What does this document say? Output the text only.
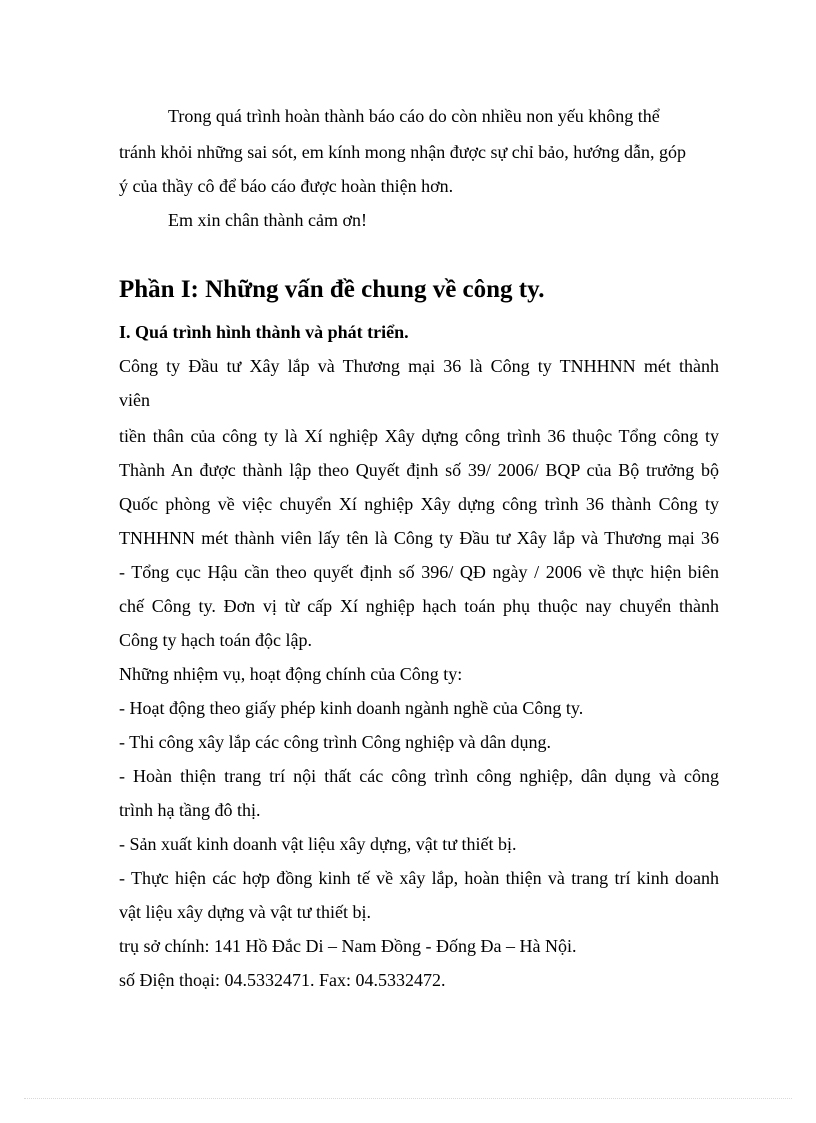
Trong quá trình hoàn thành báo cáo do còn nhiều non yếu không thể

tránh khỏi những sai sót, em kính mong nhận được sự chỉ bảo, hướng dẫn, góp

ý của thầy cô để báo cáo được hoàn thiện hơn.

Em xin chân thành cảm ơn!

Phần I: Những vấn đề chung về công ty.
I. Quá trình hình thành và phát triển.

Công ty Đầu tư Xây lắp và Thương mại 36 là Công ty TNHHNN mét thành

viên

tiền thân của công ty là Xí nghiệp Xây dựng công trình 36 thuộc Tổng công ty

Thành An được thành lập theo Quyết định số 39/ 2006/ BQP của Bộ trưởng bộ

Quốc phòng về việc chuyển Xí nghiệp Xây dựng công trình 36 thành Công ty

TNHHNN mét thành viên lấy tên là Công ty Đầu tư Xây lắp và Thương mại 36

- Tổng cục Hậu cần theo quyết định số 396/ QĐ ngày / 2006 về thực hiện biên

chế Công ty. Đơn vị từ cấp Xí nghiệp hạch toán phụ thuộc nay chuyển thành

Công ty hạch toán độc lập.

Những nhiệm vụ, hoạt động chính của Công ty:

- Hoạt động theo giấy phép kinh doanh ngành nghề của Công ty.

- Thi công xây lắp các công trình Công nghiệp và dân dụng.

- Hoàn thiện trang trí nội thất các công trình công nghiệp, dân dụng và công

trình hạ tầng đô thị.

- Sản xuất kinh doanh vật liệu xây dựng, vật tư thiết bị.

- Thực hiện các hợp đồng kinh tế về xây lắp, hoàn thiện và trang trí kinh doanh

vật liệu xây dựng và vật tư thiết bị.

trụ sở chính: 141 Hồ Đắc Di – Nam Đồng - Đống Đa – Hà Nội.

số Điện thoại: 04.5332471. Fax: 04.5332472.
